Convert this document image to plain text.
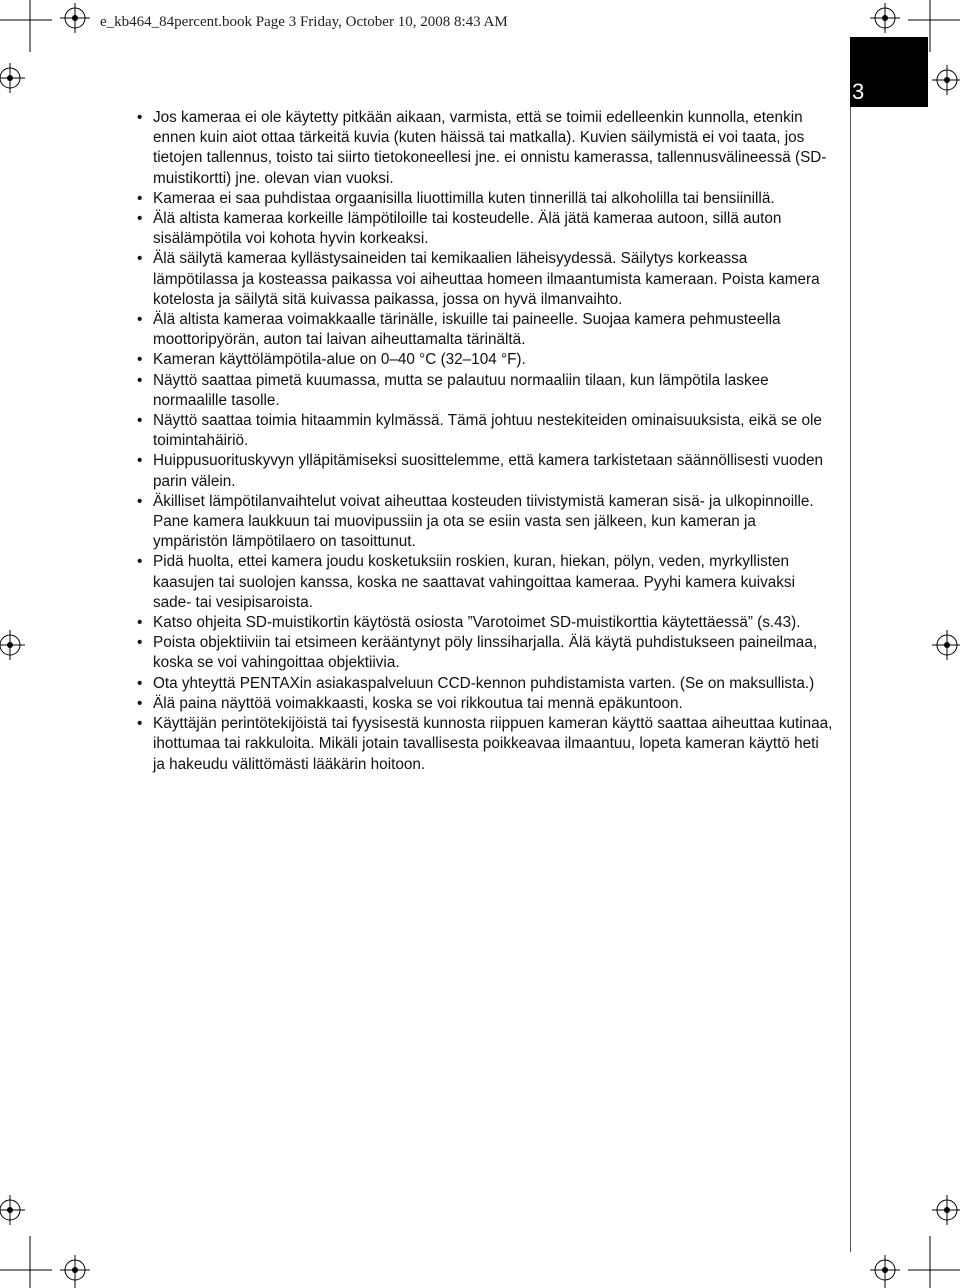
e_kb464_84percent.book Page 3 Friday, October 10, 2008 8:43 AM
3
• Jos kameraa ei ole käytetty pitkään aikaan, varmista, että se toimii edelleenkin kunnolla, etenkin ennen kuin aiot ottaa tärkeitä kuvia (kuten häissä tai matkalla). Kuvien säilymistä ei voi taata, jos tietojen tallennus, toisto tai siirto tietokoneellesi jne. ei onnistu kamerassa, tallennusvälineessä (SD-muistikortti) jne. olevan vian vuoksi.
• Kameraa ei saa puhdistaa orgaanisilla liuottimilla kuten tinnerillä tai alkoholilla tai bensiinillä.
• Älä altista kameraa korkeille lämpötiloille tai kosteudelle. Älä jätä kameraa autoon, sillä auton sisälämpötila voi kohota hyvin korkeaksi.
• Älä säilytä kameraa kyllästysaineiden tai kemikaalien läheisyydessä. Säilytys korkeassa lämpötilassa ja kosteassa paikassa voi aiheuttaa homeen ilmaantumista kameraan. Poista kamera kotelosta ja säilytä sitä kuivassa paikassa, jossa on hyvä ilmanvaihto.
• Älä altista kameraa voimakkaalle tärinälle, iskuille tai paineelle. Suojaa kamera pehmusteella moottoripyörän, auton tai laivan aiheuttamalta tärinältä.
• Kameran käyttölämpötila-alue on 0–40 °C (32–104 °F).
• Näyttö saattaa pimetä kuumassa, mutta se palautuu normaaliin tilaan, kun lämpötila laskee normaalille tasolle.
• Näyttö saattaa toimia hitaammin kylmässä. Tämä johtuu nestekiteiden ominaisuuksista, eikä se ole toimintahäiriö.
• Huippusuorituskyvyn ylläpitämiseksi suosittelemme, että kamera tarkistetaan säännöllisesti vuoden parin välein.
• Äkilliset lämpötilanvaihtelut voivat aiheuttaa kosteuden tiivistymistä kameran sisä- ja ulkopinnoille. Pane kamera laukkuun tai muovipussiin ja ota se esiin vasta sen jälkeen, kun kameran ja ympäristön lämpötilaero on tasoittunut.
• Pidä huolta, ettei kamera joudu kosketuksiin roskien, kuran, hiekan, pölyn, veden, myrkyllisten kaasujen tai suolojen kanssa, koska ne saattavat vahingoittaa kameraa. Pyyhi kamera kuivaksi sade- tai vesipisaroista.
• Katso ohjeita SD-muistikortin käytöstä osiosta ”Varotoimet SD-muistikorttia käytettäessä” (s.43).
• Poista objektiiviin tai etsimeen kerääntynyt pöly linssiharjalla. Älä käytä puhdistukseen paineilmaa, koska se voi vahingoittaa objektiivia.
• Ota yhteyttä PENTAXin asiakaspalveluun CCD-kennon puhdistamista varten. (Se on maksullista.)
• Älä paina näyttöä voimakkaasti, koska se voi rikkoutua tai mennä epäkuntoon.
• Käyttäjän perintötekijöistä tai fyysisestä kunnosta riippuen kameran käyttö saattaa aiheuttaa kutinaa, ihottumaa tai rakkuloita. Mikäli jotain tavallisesta poikkeavaa ilmaantuu, lopeta kameran käyttö heti ja hakeudu välittömästi lääkärin hoitoon.
